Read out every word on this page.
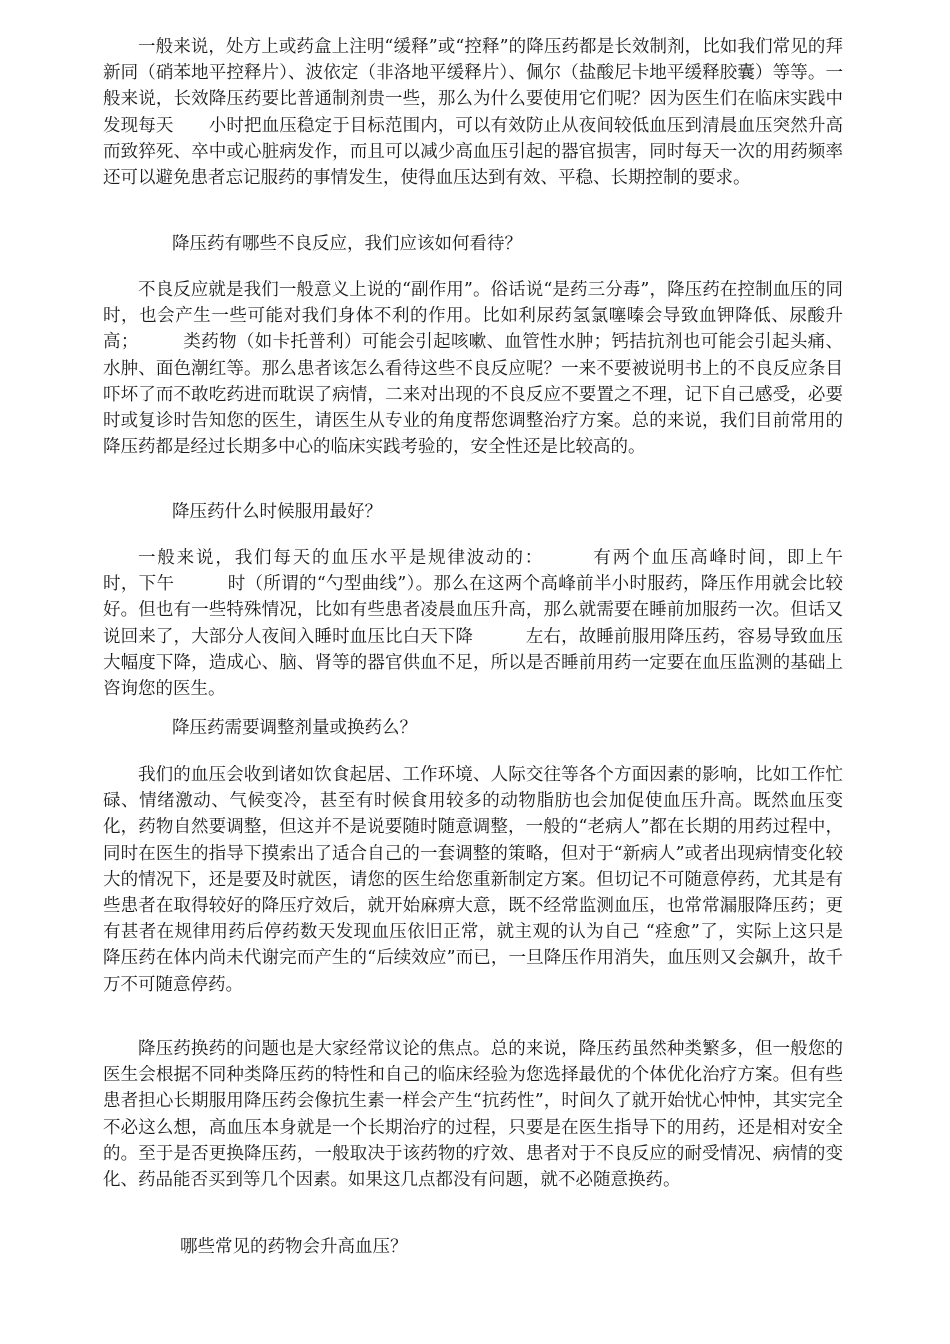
一般来说，处方上或药盒上注明“缓释”或“控释”的降压药都是长效制剂，比如我们常见的拜新同（硝苯地平控释片）、波依定（非洛地平缓释片）、佩尔（盐酸尼卡地平缓释胶囊）等等。一般来说，长效降压药要比普通制剂贵一些，那么为什么要使用它们呢？因为医生们在临床实践中发现每天　　小时把血压稳定于目标范围内，可以有效防止从夜间较低血压到清晨血压突然升高而致猝死、卒中或心脏病发作，而且可以减少高血压引起的器官损害，同时每天一次的用药频率还可以避免患者忘记服药的事情发生，使得血压达到有效、平稳、长期控制的要求。

降压药有哪些不良反应，我们应该如何看待？

不良反应就是我们一般意义上说的“副作用”。俗话说“是药三分毒”，降压药在控制血压的同时，也会产生一些可能对我们身体不利的作用。比如利尿药氢氯噻嗪会导致血钾降低、尿酸升高；　　　类药物（如卡托普利）可能会引起咳嗽、血管性水肿；钙拮抗剂也可能会引起头痛、水肿、面色潮红等。那么患者该怎么看待这些不良反应呢？一来不要被说明书上的不良反应条目吓坏了而不敢吃药进而耽误了病情，二来对出现的不良反应不要置之不理，记下自己感受，必要时或复诊时告知您的医生，请医生从专业的角度帮您调整治疗方案。总的来说，我们目前常用的降压药都是经过长期多中心的临床实践考验的，安全性还是比较高的。

降压药什么时候服用最好？

一般来说，我们每天的血压水平是规律波动的：　　　有两个血压高峰时间，即上午　　时，下午　　　时（所谓的“勺型曲线”）。那么在这两个高峰前半小时服药，降压作用就会比较好。但也有一些特殊情况，比如有些患者凌晨血压升高，那么就需要在睡前加服药一次。但话又说回来了，大部分人夜间入睡时血压比白天下降　　　左右，故睡前服用降压药，容易导致血压大幅度下降，造成心、脑、肾等的器官供血不足，所以是否睡前用药一定要在血压监测的基础上咨询您的医生。

降压药需要调整剂量或换药么？

我们的血压会收到诸如饮食起居、工作环境、人际交往等各个方面因素的影响，比如工作忙碌、情绪激动、气候变冷，甚至有时候食用较多的动物脂肪也会加促使血压升高。既然血压变化，药物自然要调整，但这并不是说要随时随意调整，一般的“老病人”都在长期的用药过程中，同时在医生的指导下摸索出了适合自己的一套调整的策略，但对于“新病人”或者出现病情变化较大的情况下，还是要及时就医，请您的医生给您重新制定方案。但切记不可随意停药，尤其是有些患者在取得较好的降压疗效后，就开始麻痹大意，既不经常监测血压，也常常漏服降压药；更有甚者在规律用药后停药数天发现血压依旧正常，就主观的认为自己 “痊愈”了，实际上这只是降压药在体内尚未代谢完而产生的“后续效应”而已，一旦降压作用消失，血压则又会飙升，故千万不可随意停药。

降压药换药的问题也是大家经常议论的焦点。总的来说，降压药虽然种类繁多，但一般您的医生会根据不同种类降压药的特性和自己的临床经验为您选择最优的个体优化治疗方案。但有些患者担心长期服用降压药会像抗生素一样会产生“抗药性”，时间久了就开始忧心忡忡，其实完全不必这么想，高血压本身就是一个长期治疗的过程，只要是在医生指导下的用药，还是相对安全的。至于是否更换降压药，一般取决于该药物的疗效、患者对于不良反应的耐受情况、病情的变化、药品能否买到等几个因素。如果这几点都没有问题，就不必随意换药。

哪些常见的药物会升高血压？
